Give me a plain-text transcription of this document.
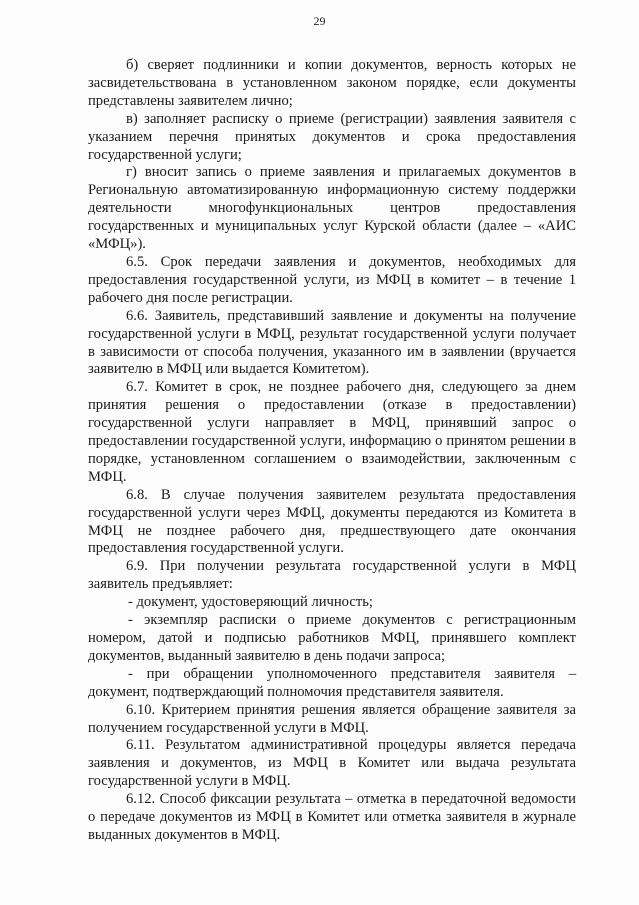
29

б) сверяет подлинники и копии документов, верность которых не засвидетельствована в установленном законом порядке, если документы представлены заявителем лично;

в) заполняет расписку о приеме (регистрации) заявления заявителя с указанием перечня принятых документов и срока предоставления государственной услуги;

г) вносит запись о приеме заявления и прилагаемых документов в Региональную автоматизированную информационную систему поддержки деятельности многофункциональных центров предоставления государственных и муниципальных услуг Курской области (далее – «АИС «МФЦ»).

6.5. Срок передачи заявления и документов, необходимых для предоставления государственной услуги, из МФЦ в комитет – в течение 1 рабочего дня после регистрации.

6.6. Заявитель, представивший заявление и документы на получение государственной услуги в МФЦ, результат государственной услуги получает в зависимости от способа получения, указанного им в заявлении (вручается заявителю в МФЦ или выдается Комитетом).

6.7. Комитет в срок, не позднее рабочего дня, следующего за днем принятия решения о предоставлении (отказе в предоставлении) государственной услуги направляет в МФЦ, принявший запрос о предоставлении государственной услуги, информацию о принятом решении в порядке, установленном соглашением о взаимодействии, заключенным с МФЦ.

6.8. В случае получения заявителем результата предоставления государственной услуги через МФЦ, документы передаются из Комитета в МФЦ не позднее рабочего дня, предшествующего дате окончания предоставления государственной услуги.

6.9. При получении результата государственной услуги в МФЦ заявитель предъявляет:

- документ, удостоверяющий личность;

- экземпляр расписки о приеме документов с регистрационным номером, датой и подписью работников МФЦ, принявшего комплект документов, выданный заявителю в день подачи запроса;

- при обращении уполномоченного представителя заявителя – документ, подтверждающий полномочия представителя заявителя.

6.10. Критерием принятия решения является обращение заявителя за получением государственной услуги в МФЦ.

6.11. Результатом административной процедуры является передача заявления и документов, из МФЦ в Комитет или выдача результата государственной услуги в МФЦ.

6.12. Способ фиксации результата – отметка в передаточной ведомости о передаче документов из МФЦ в Комитет или отметка заявителя в журнале выданных документов в МФЦ.
